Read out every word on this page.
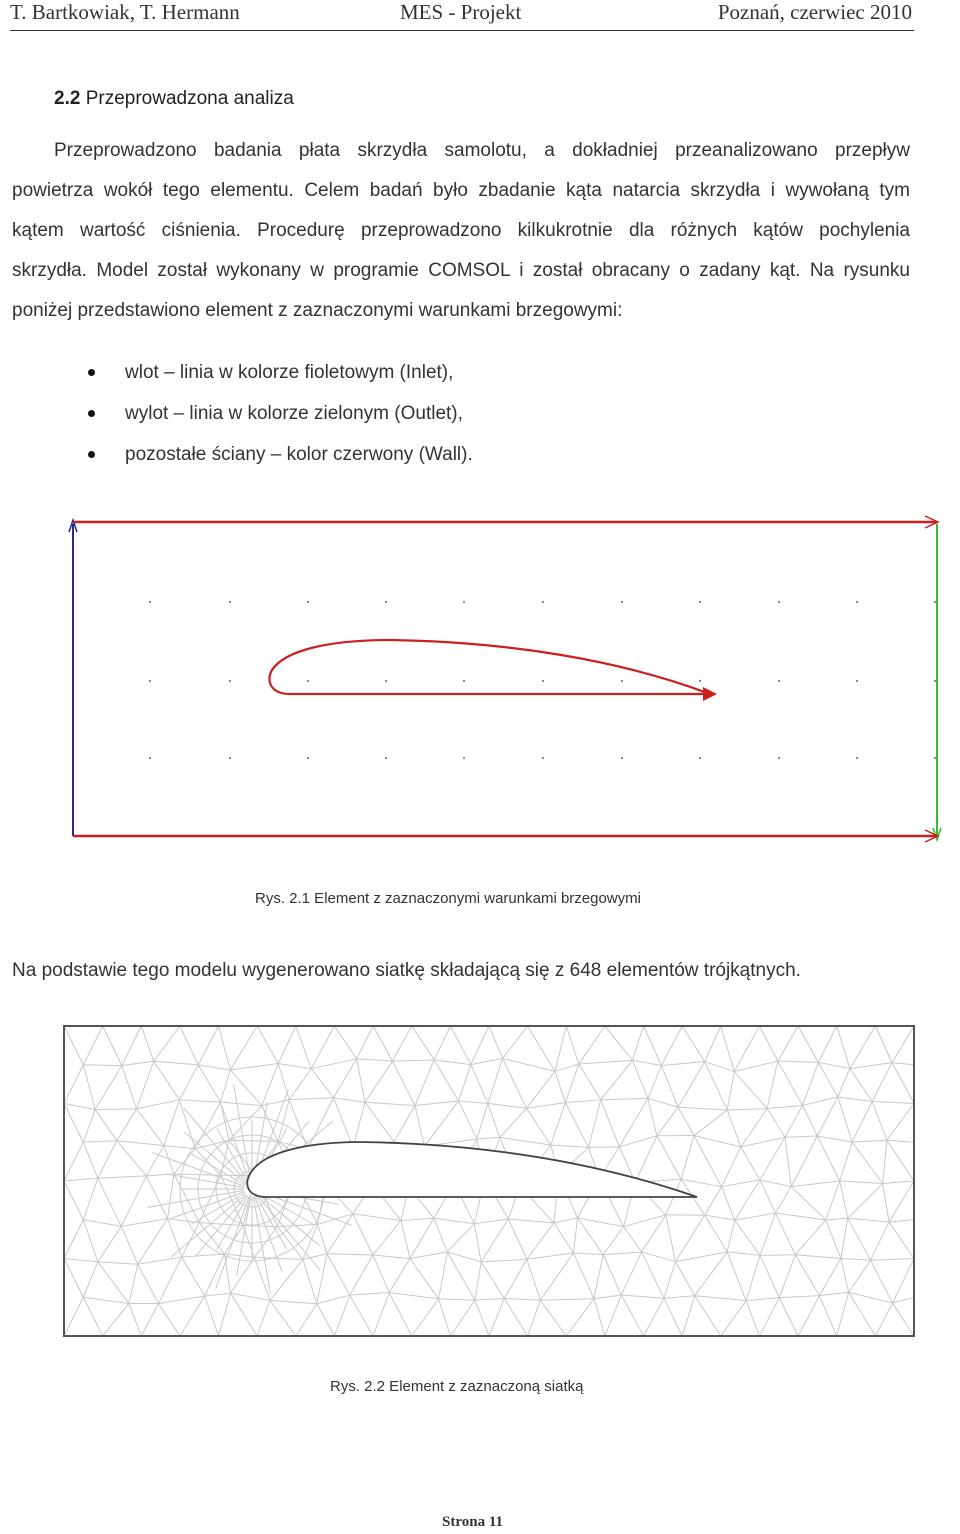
T. Bartkowiak, T. Hermann	MES - Projekt	Poznań, czerwiec 2010
2.2 Przeprowadzona analiza
Przeprowadzono badania płata skrzydła samolotu, a dokładniej przeanalizowano przepływ
powietrza wokół tego elementu. Celem badań było zbadanie kąta natarcia skrzydła i wywołaną tym
kątem wartość ciśnienia. Procedurę przeprowadzono kilkukrotnie dla różnych kątów pochylenia
skrzydła. Model został wykonany w programie COMSOL i został obracany o zadany kąt. Na rysunku
poniżej przedstawiono element z zaznaczonymi warunkami brzegowymi:
wlot – linia w kolorze fioletowym (Inlet),
wylot – linia w kolorze zielonym (Outlet),
pozostałe ściany – kolor czerwony (Wall).
Rys. 2.1 Element z zaznaczonymi warunkami brzegowymi
Na podstawie tego modelu wygenerowano siatkę składającą się z 648 elementów trójkątnych.
Rys. 2.2 Element z zaznaczoną siatką
Strona 11
